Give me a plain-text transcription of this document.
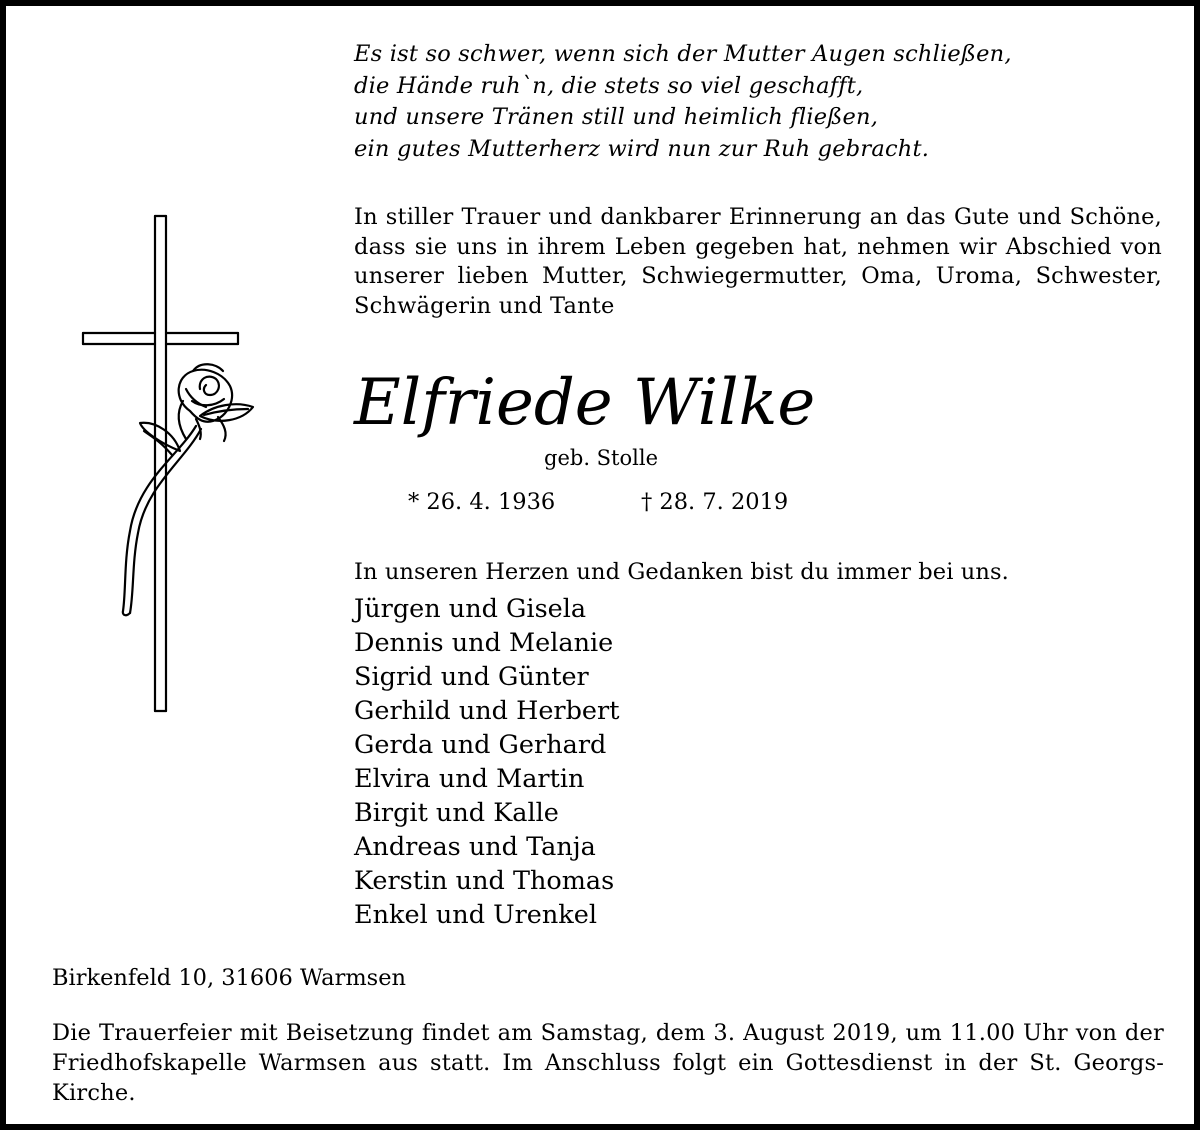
Es ist so schwer, wenn sich der Mutter Augen schließen,
die Hände ruh`n, die stets so viel geschafft,
und unsere Tränen still und heimlich fließen,
ein gutes Mutterherz wird nun zur Ruh gebracht.
In stiller Trauer und dankbarer Erinnerung an das Gute und Schöne, dass sie uns in ihrem Leben gegeben hat, nehmen wir Abschied von unserer lieben Mutter, Schwiegermutter, Oma, Uroma, Schwester, Schwägerin und Tante
Elfriede Wilke
geb. Stolle
* 26. 4. 1936	† 28. 7. 2019
In unseren Herzen und Gedanken bist du immer bei uns.
Jürgen und Gisela
Dennis und Melanie
Sigrid und Günter
Gerhild und Herbert
Gerda und Gerhard
Elvira und Martin
Birgit und Kalle
Andreas und Tanja
Kerstin und Thomas
Enkel und Urenkel
Birkenfeld 10, 31606 Warmsen
Die Trauerfeier mit Beisetzung findet am Samstag, dem 3. August 2019, um 11.00 Uhr von der Friedhofskapelle Warmsen aus statt. Im Anschluss folgt ein Gottesdienst in der St. Georgs-Kirche.
